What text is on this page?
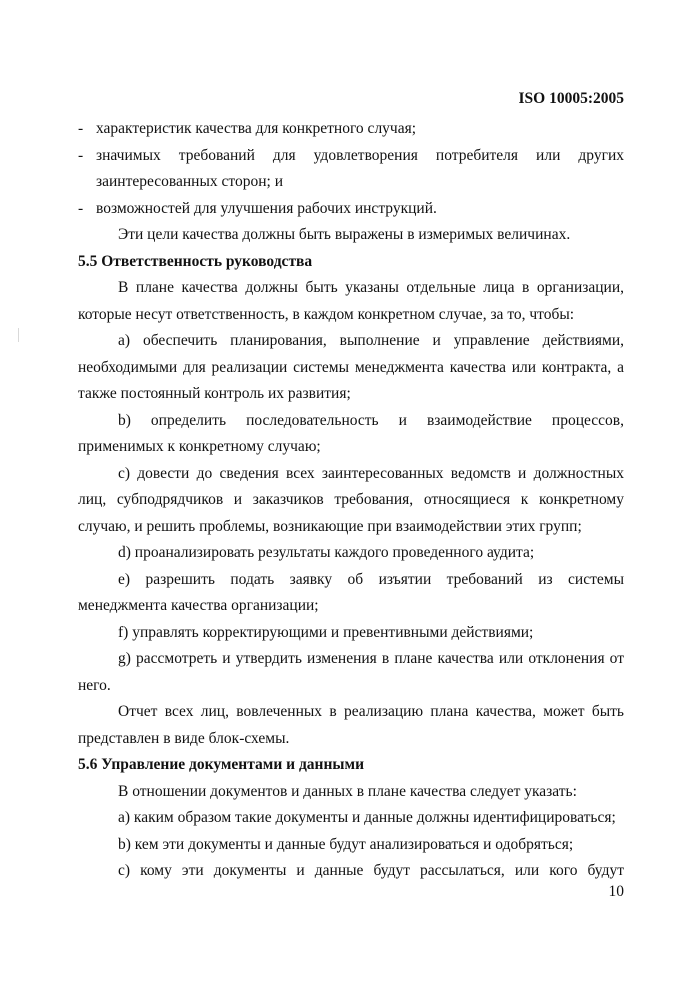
ISO 10005:2005
- характеристик качества для конкретного случая;
- значимых требований для удовлетворения потребителя или других
заинтересованных сторон; и
- возможностей для улучшения рабочих инструкций.

Эти цели качества должны быть выражены в измеримых величинах.

5.5 Ответственность руководства

В плане качества должны быть указаны отдельные лица в организации, которые несут ответственность, в каждом конкретном случае, за то, чтобы:

a) обеспечить планирования, выполнение и управление действиями, необходимыми для реализации системы менеджмента качества или контракта, а также постоянный контроль их развития;

b) определить последовательность и взаимодействие процессов, применимых к конкретному случаю;

c) довести до сведения всех заинтересованных ведомств и должностных лиц, субподрядчиков и заказчиков требования, относящиеся к конкретному случаю, и решить проблемы, возникающие при взаимодействии этих групп;

d) проанализировать результаты каждого проведенного аудита;

e) разрешить подать заявку об изъятии требований из системы менеджмента качества организации;

f) управлять корректирующими и превентивными действиями;

g) рассмотреть и утвердить изменения в плане качества или отклонения от него.

Отчет всех лиц, вовлеченных в реализацию плана качества, может быть представлен в виде блок-схемы.

5.6 Управление документами и данными

В отношении документов и данных в плане качества следует указать:

a) каким образом такие документы и данные должны идентифицироваться;

b) кем эти документы и данные будут анализироваться и одобряться;

c) кому эти документы и данные будут рассылаться, или кого будут

10
